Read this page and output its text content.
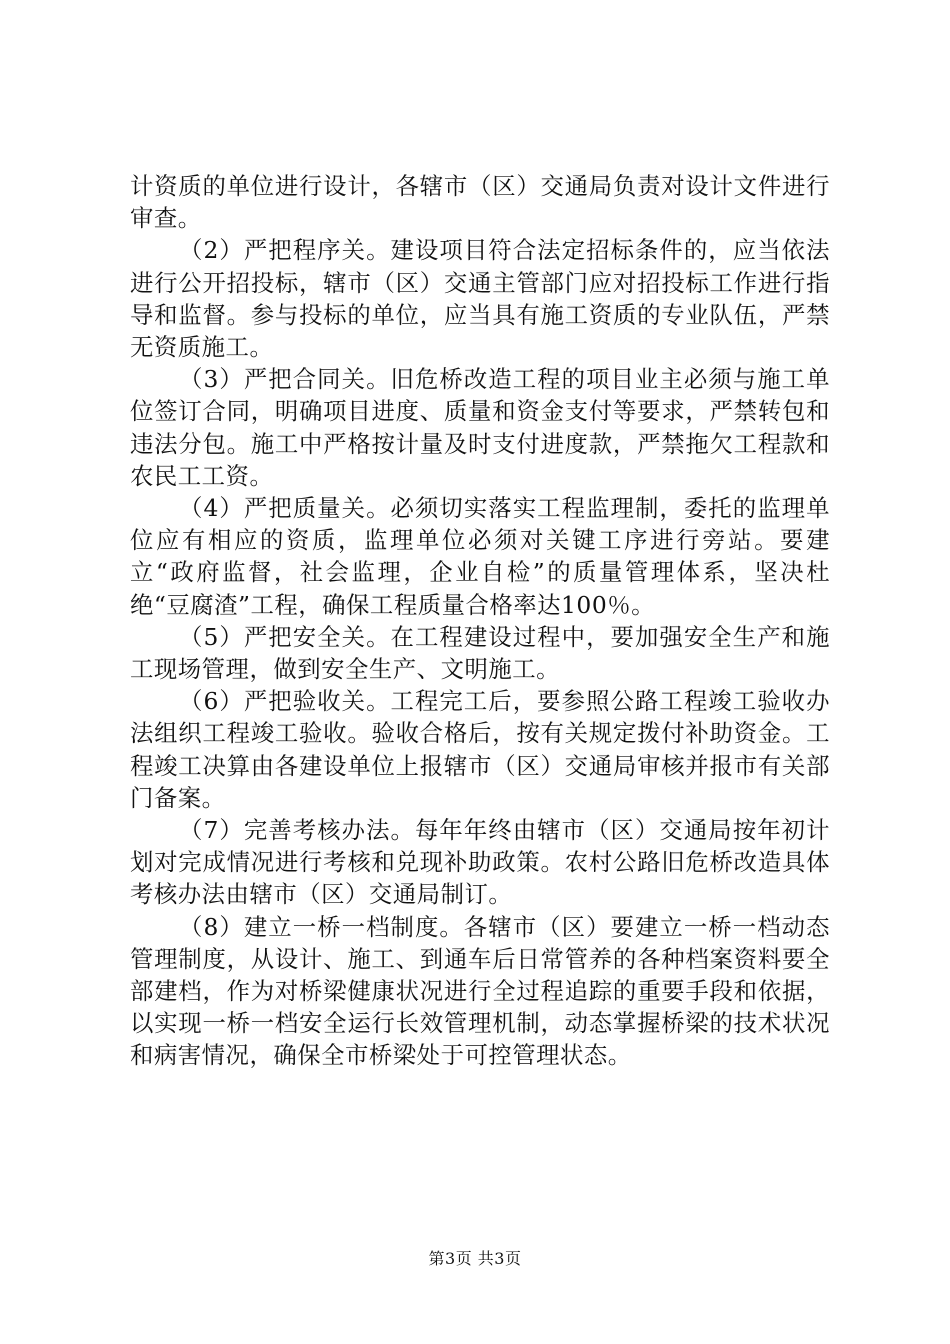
计资质的单位进行设计，各辖市（区）交通局负责对设计文件进行审查。

（2）严把程序关。建设项目符合法定招标条件的，应当依法进行公开招投标，辖市（区）交通主管部门应对招投标工作进行指导和监督。参与投标的单位，应当具有施工资质的专业队伍，严禁无资质施工。

（3）严把合同关。旧危桥改造工程的项目业主必须与施工单位签订合同，明确项目进度、质量和资金支付等要求，严禁转包和违法分包。施工中严格按计量及时支付进度款，严禁拖欠工程款和农民工工资。

（4）严把质量关。必须切实落实工程监理制，委托的监理单位应有相应的资质，监理单位必须对关键工序进行旁站。要建立“政府监督，社会监理，企业自检”的质量管理体系，坚决杜绝“豆腐渣”工程，确保工程质量合格率达100％。

（5）严把安全关。在工程建设过程中，要加强安全生产和施工现场管理，做到安全生产、文明施工。

（6）严把验收关。工程完工后，要参照公路工程竣工验收办法组织工程竣工验收。验收合格后，按有关规定拨付补助资金。工程竣工决算由各建设单位上报辖市（区）交通局审核并报市有关部门备案。

（7）完善考核办法。每年年终由辖市（区）交通局按年初计划对完成情况进行考核和兑现补助政策。农村公路旧危桥改造具体考核办法由辖市（区）交通局制订。

（8）建立一桥一档制度。各辖市（区）要建立一桥一档动态管理制度，从设计、施工、到通车后日常管养的各种档案资料要全部建档，作为对桥梁健康状况进行全过程追踪的重要手段和依据，以实现一桥一档安全运行长效管理机制，动态掌握桥梁的技术状况和病害情况，确保全市桥梁处于可控管理状态。

第3页 共3页
